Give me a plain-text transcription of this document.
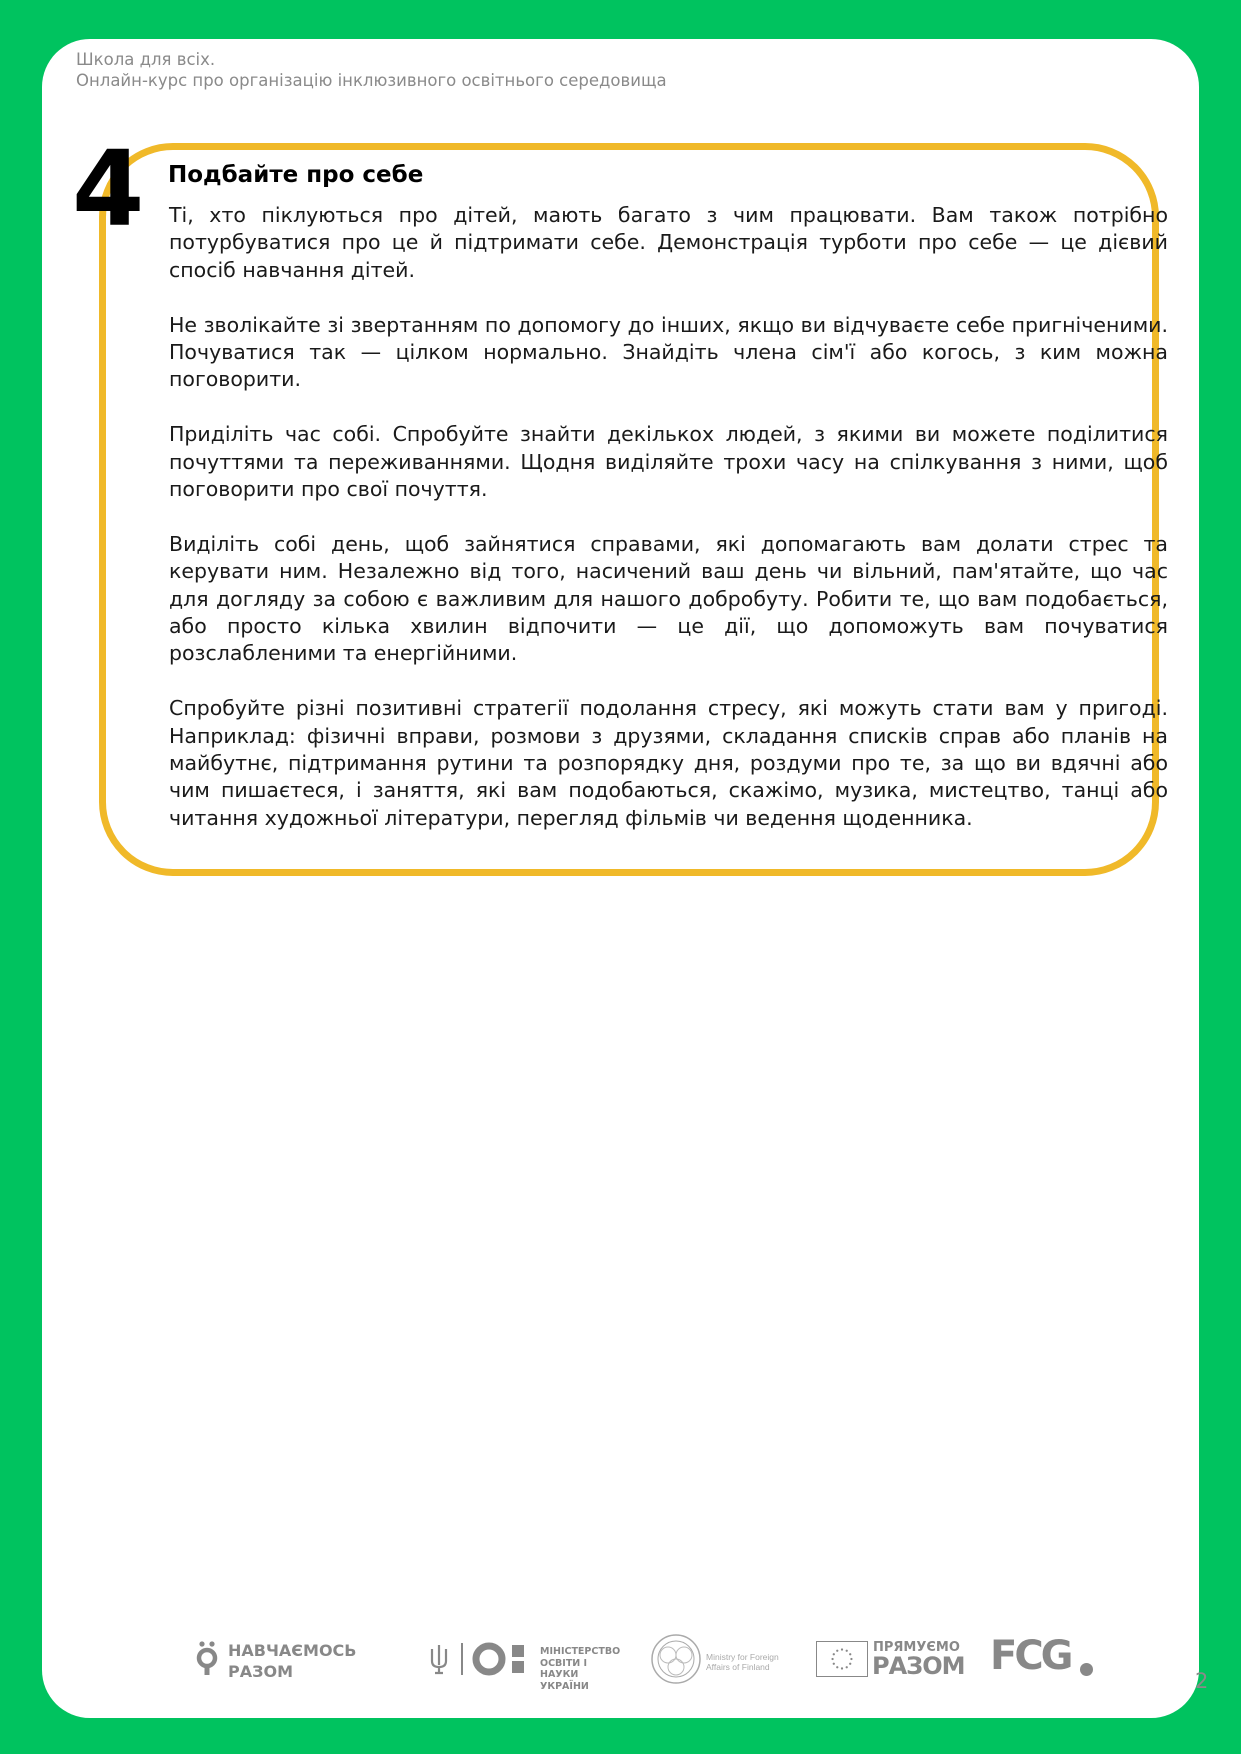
Школа для всіх.
Онлайн-курс про організацію інклюзивного освітнього середовища
4 Подбайте про себе

Ті, хто піклуються про дітей, мають багато з чим працювати. Вам також потрібно потурбуватися про це й підтримати себе. Демонстрація турботи про себе — це дієвий спосіб навчання дітей.

Не зволікайте зі звертанням по допомогу до інших, якщо ви відчуваєте себе пригніченими. Почуватися так — цілком нормально. Знайдіть члена сім'ї або когось, з ким можна поговорити.

Приділіть час собі. Спробуйте знайти декількох людей, з якими ви можете поділитися почуттями та переживаннями. Щодня виділяйте трохи часу на спілкування з ними, щоб поговорити про свої почуття.

Виділіть собі день, щоб зайнятися справами, які допомагають вам долати стрес та керувати ним. Незалежно від того, насичений ваш день чи вільний, пам'ятайте, що час для догляду за собою є важливим для нашого добробуту. Робити те, що вам подобається, або просто кілька хвилин відпочити — це дії, що допоможуть вам почуватися розслабленими та енергійними.

Спробуйте різні позитивні стратегії подолання стресу, які можуть стати вам у пригоді. Наприклад: фізичні вправи, розмови з друзями, складання списків справ або планів на майбутнє, підтримання рутини та розпорядку дня, роздуми про те, за що ви вдячні або чим пишаєтеся, і заняття, які вам подобаються, скажімо, музика, мистецтво, танці або читання художньої літератури, перегляд фільмів чи ведення щоденника.

НАВЧАЄМОСЬ
РАЗОМ
МІНІСТЕРСТВО
ОСВІТИ І НАУКИ
УКРАЇНИ
Ministry for Foreign
Affairs of Finland
ПРЯМУЄМО
РАЗОМ FCG
2
